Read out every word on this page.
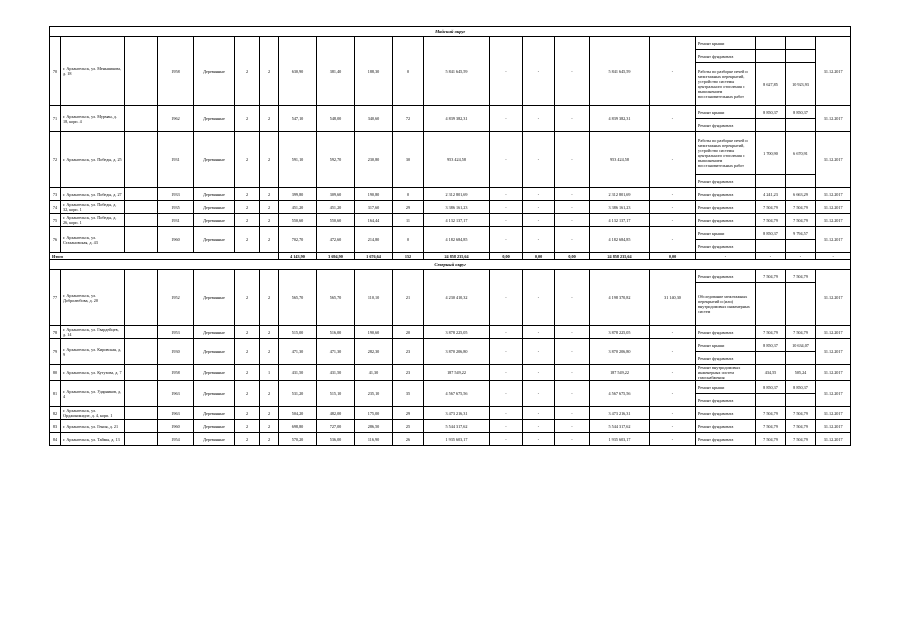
Майский округ																				
70	г. Архангельск, ул. Меньшикова, д. 18		1958	Деревянные	2	2	630,90	381,40	188,30	0	5 841 645,59	-	-	-	5 841 645,59	-	Ремонт крыши			31.12.2017
																	Ремонт фундамента			
																	Работы по разборке печей и межэтажных перекрытий, устройство системы центрального отопления с выполнением восстановительных работ	8 627,85	10 923,93	
71	г. Архангельск, ул. Мурман, д. 18, корп. 4		1962	Деревянные	2	2	547,10	548,00	340,60	72	4 839 382,31	-	-	-	4 839 382,31	-	Ремонт крыши	8 850,37	8 850,37	31.12.2017
																	Ремонт фундамента			
72	г. Архангельск, ул. Победы, д. 25		1931	Деревянные	2	2	591,10	592,70	230,80	30	953 424,58	-	-	-	953 424,58	-	Работы по разборке печей и межэтажных перекрытий, устройство системы центрального отопления с выполнением восстановительных работ	1 700,90	6 670,91	31.12.2017
																	Ремонт фундамента			
73	г. Архангельск, ул. Победы, д. 27		1933	Деревянные	2	2	399,80	309,60	190,80	0	2 312 801,69	-	-	-	2 312 801,69	-	Ремонт фундамента	4 241,23	6 663,29	31.12.2017
74	г. Архангельск, ул. Победы, д. 32, корп. 1		1935	Деревянные	2	2	451,20	451,20	317,60	29	3 386 161,23	-	-	-	3 386 161,23	-	Ремонт фундамента	7 504,79	7 504,79	31.12.2017
75	г. Архангельск, ул. Победы, д. 26, корп. 1		1931	Деревянные	2	2	550,60	550,60	164,44	11	4 132 137,17	-	-	-	4 132 137,17	-	Ремонт фундамента	7 504,79	7 504,79	31.12.2017
76	г. Архангельск, ул. Стахановская, д. 43		1960	Деревянные	2	2	702,70	472,60	214,80	0	4 182 684,85	-	-	-	4 182 684,85	-	Ремонт крыши	8 850,37	9 794,57	31.12.2017
																	Ремонт фундамента			
Итого							4 143,90	3 694,90	1 676,64	152	24 858 235,64	0,00	0,00	0,00	24 858 235,64	0,00	-	-	-	-
Северный округ																				
77	г. Архангельск, ул. Добролюбова, д. 20		1952	Деревянные	2	2	565,70	565,70	110,10	21	4 230 410,32	-	-	-	4 198 370,82	31 140,30	Ремонт фундамента	7 504,79	7 504,79	31.12.2017
																	Обследование межэтажных перекрытий и (или) внутридомовых инженерных систем			
78	г. Архангельск, ул. Гвардейцев, д. 14		1953	Деревянные	2	2	515,00	516,00	190,60	20	3 878 225,05	-	-	-	3 878 225,05	-	Ремонт фундамента	7 504,79	7 504,79	31.12.2017
79	г. Архангельск, ул. Кировская, д. 9		1930	Деревянные	2	2	471,30	471,30	282,30	23	3 870 206,80	-	-	-	3 870 206,80	-	Ремонт крыши	8 850,37	10 634,07	31.12.2017
																	Ремонт фундамента			
80	г. Архангельск, ул. Кутузова, д. 7		1958	Деревянные	2	1	431,50	431,50	41,30	23	187 549,22	-	-	-	187 549,22	-	Ремонт внутридомовых инженерных систем газоснабжения	434,55	505,24	31.12.2017
81	г. Архангельск, ул. Ударников, д. 4		1963	Деревянные	2	2	531,20	515,10	235,10	35	4 567 675,56	-	-	-	4 567 675,56	-	Ремонт крыши	8 850,37	8 850,37	31.12.2017
																	Ремонт фундамента			
82	г. Архангельск, ул. Орджоникидзе, д. 4, корп. 1		1963	Деревянные	2	2	504,20	482,00	175,00	29	3 473 216,31	-	-	-	3 473 216,31	-	Ремонт фундамента	7 504,79	7 504,79	31.12.2017
83	г. Архангельск, ул. Гения, д. 21		1960	Деревянные	2	2	698,80	727,00	286,50	25	5 544 317,62	-	-	-	5 544 317,62	-	Ремонт фундамента	7 504,79	7 504,79	31.12.2017
84	г. Архангельск, ул. Таймы, д. 13		1954	Деревянные	2	2	570,20	536,00	116,90	26	1 935 603,17	-	-	-	1 935 603,17	-	Ремонт фундамента	7 504,79	7 504,79	31.12.2017
